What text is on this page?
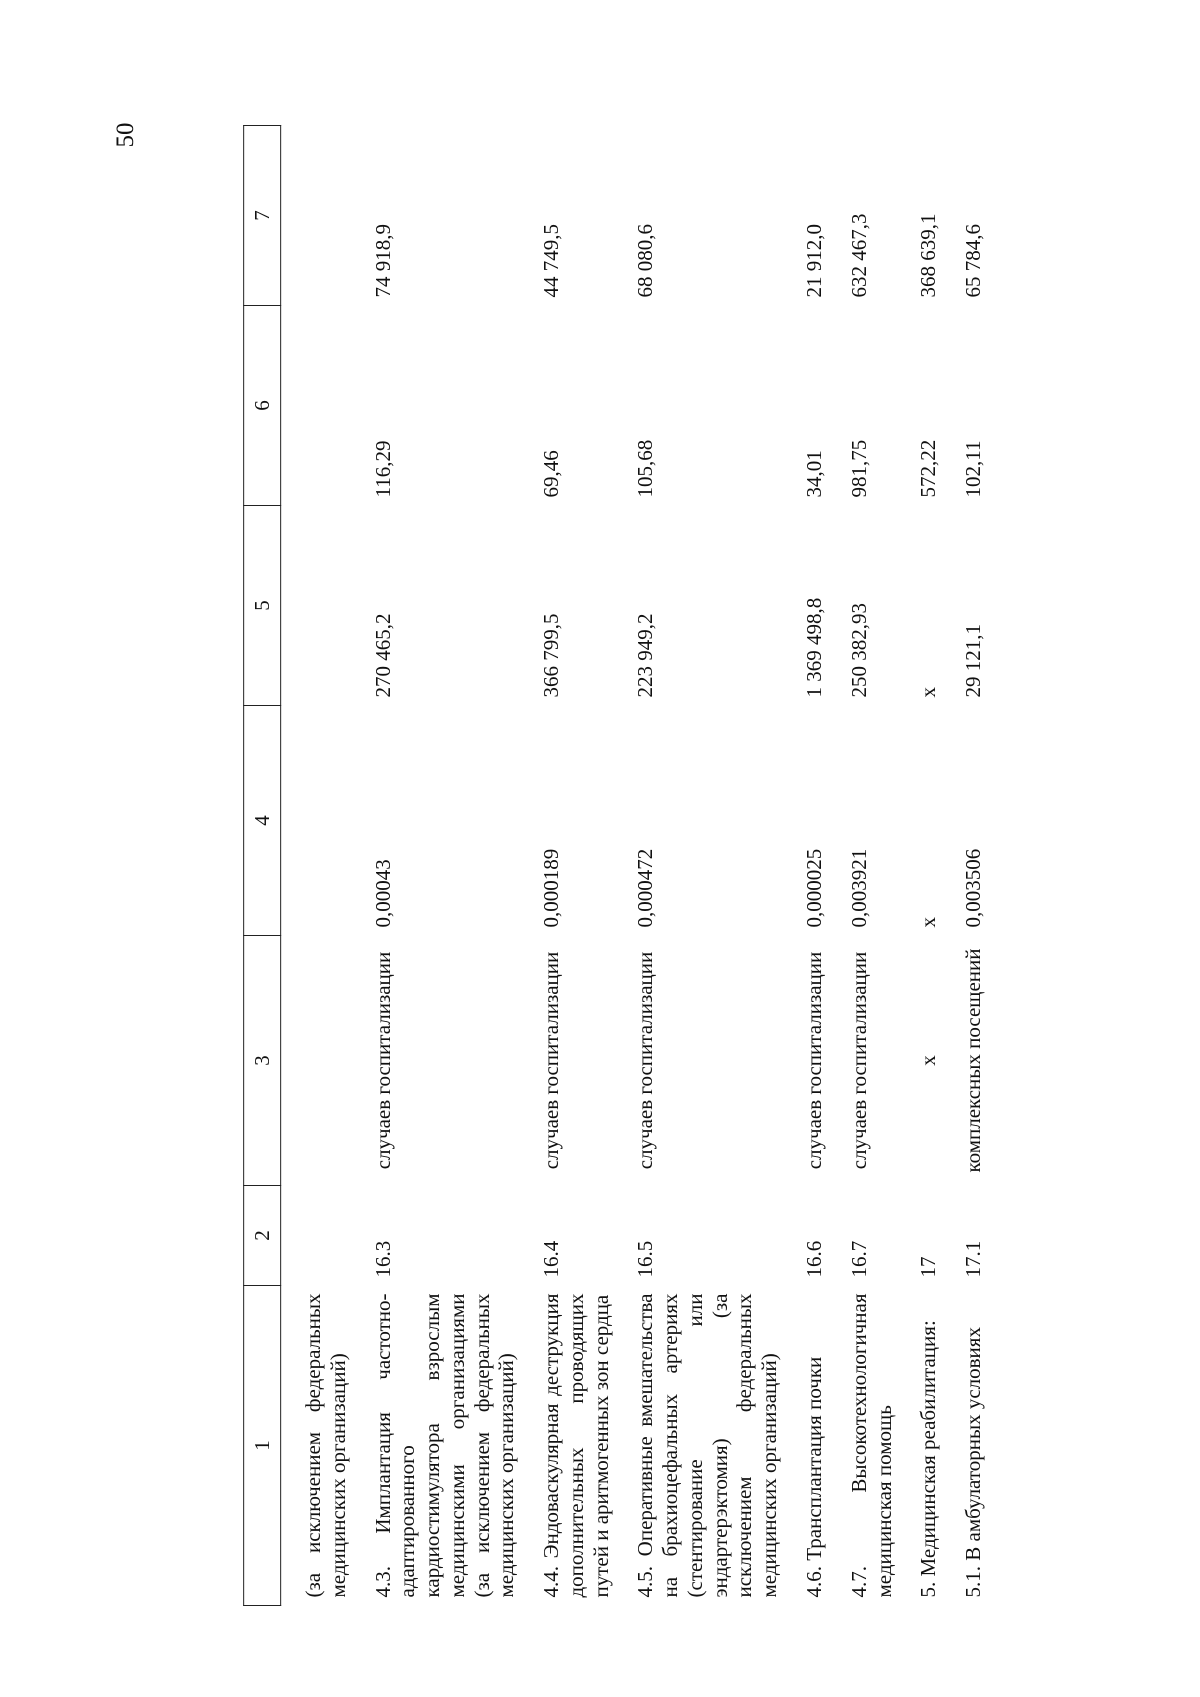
50
1	2	3	4	5	6	7

(за исключением федеральных медицинских организаций)						
4.3. Имплантация частотно-адаптированного кардиостимулятора взрослым медицинскими организациями (за исключением федеральных медицинских организаций)	16.3	случаев госпитализации	0,00043	270 465,2	116,29	74 918,9
4.4. Эндоваскулярная деструкция дополнительных проводящих путей и аритмогенных зон сердца	16.4	случаев госпитализации	0,000189	366 799,5	69,46	44 749,5
4.5. Оперативные вмешательства на брахиоцефальных артериях (стентирование или эндартерэктомия) (за исключением федеральных медицинских организаций)	16.5	случаев госпитализации	0,000472	223 949,2	105,68	68 080,6
4.6. Трансплантация почки	16.6	случаев госпитализации	0,000025	1 369 498,8	34,01	21 912,0
4.7. Высокотехнологичная медицинская помощь	16.7	случаев госпитализации	0,003921	250 382,93	981,75	632 467,3
5. Медицинская реабилитация:	17	х	х	х	572,22	368 639,1
5.1. В амбулаторных условиях	17.1	комплексных посещений	0,003506	29 121,1	102,11	65 784,6
